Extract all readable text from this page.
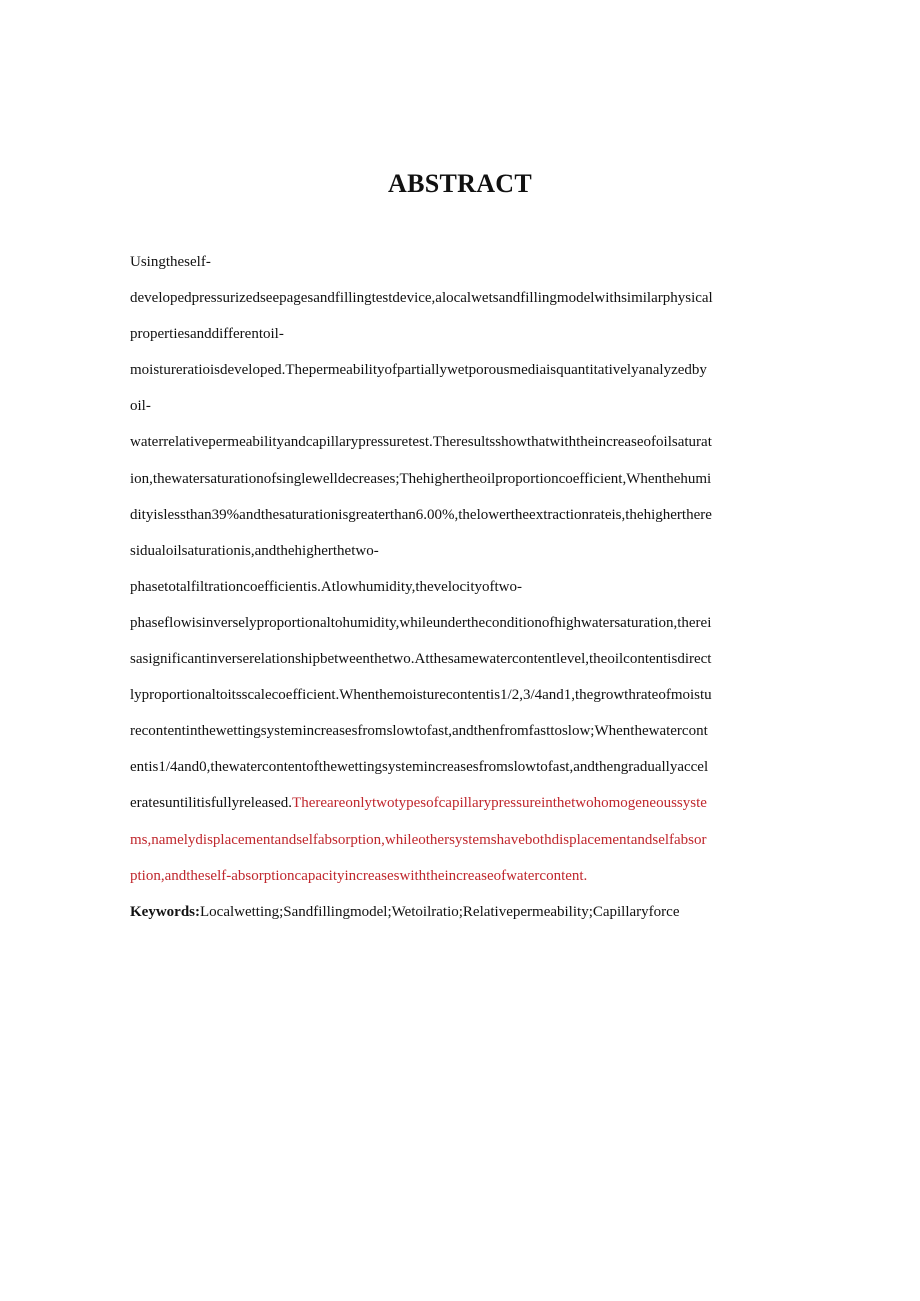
ABSTRACT
Usingtheself-
developedpressurizedseepagesandfillingtestdevice,alocalwetsandfillingmodelwithsimilarphysical
propertiesanddifferentoil-
moistureratioisdeveloped.Thepermeabilityofpartiallywetporousmediaisquantitativelyanalyzedby
oil-
waterrelativepermeabilityandcapillarypressuretest.Theresultsshowthatwiththeincreaseofoilsaturat
ion,thewatersaturationofsinglewelldecreases;Thehighertheoilproportioncoefficient,Whenthehumi
dityislessthan39%andthesaturationisgreaterthan6.00%,thelowertheextractionrateis,thehigherthere
sidualoilsaturationis,andthehigherthetwo-
phasetotalfiltrationcoefficientis.Atlowhumidity,thevelocityoftwo-
phaseflowisinverselyproportionaltohumidity,whileundertheconditionofhighwatersaturation,therei
sasignificantinverserelationshipbetweenthetwo.Atthesamewatercontentlevel,theoilcontentisdirect
lyproportionaltoitsscalecoefficient.Whenthemoisturecontentis1/2,3/4and1,thegrowthrateofmoistu
recontentinthewettingsystemincreasesfromslowtofast,andthenfromfasttoslow;Whenthewatercont
entis1/4and0,thewatercontentofthewettingsystemincreasesfromslowtofast,andthengraduallyaccel
eratesuntilitisfullyreleased.Thereareonlytwotypesofcapillarypressureinthetwohomogeneoussyste
ms,namelydisplacementandselfabsorption,whileothersystemshavebothdisplacementandselfabsor
ption,andtheself-absorptioncapacityincreaseswiththeincreaseofwatercontent.
Keywords:Localwetting;Sandfillingmodel;Wetoilratio;Relativepermeability;Capillaryforce
